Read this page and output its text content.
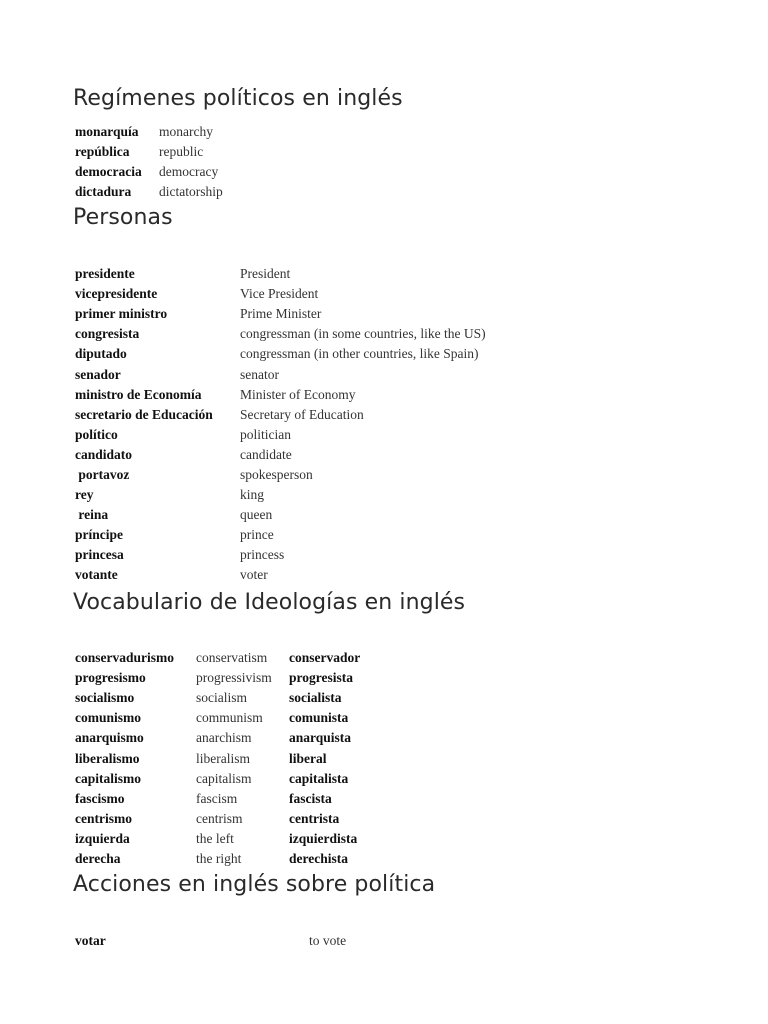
Regímenes políticos en inglés
monarquía	monarchy
república	republic
democracia	democracy
dictadura	dictatorship
Personas
presidente	President
vicepresidente	Vice President
primer ministro	Prime Minister
congresista	congressman (in some countries, like the US)
diputado	congressman (in other countries, like Spain)
senador	senator
ministro de Economía	Minister of Economy
secretario de Educación	Secretary of Education
político	politician
candidato	candidate
portavoz	spokesperson
rey	king
reina	queen
príncipe	prince
princesa	princess
votante	voter
Vocabulario de Ideologías en inglés
conservadurismo	conservatism	conservador
progresismo	progressivism	progresista
socialismo	socialism	socialista
comunismo	communism	comunista
anarquismo	anarchism	anarquista
liberalismo	liberalism	liberal
capitalismo	capitalism	capitalista
fascismo	fascism	fascista
centrismo	centrism	centrista
izquierda	the left	izquierdista
derecha	the right	derechista
Acciones en inglés sobre política
votar	to vote
